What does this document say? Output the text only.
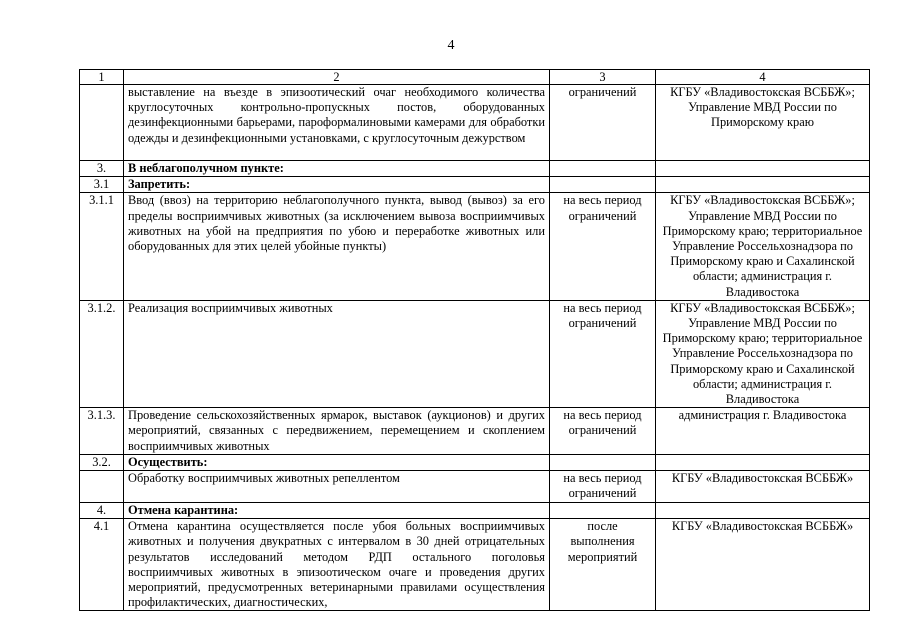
4
1	2	3	4
	выставление на въезде в эпизоотический очаг необходимого количества круглосуточных контрольно-пропускных постов, оборудованных дезинфекционными барьерами, пароформалиновыми камерами для обработки одежды и дезинфекционными установками, с круглосуточным дежурством	ограничений	КГБУ «Владивостокская ВСББЖ»; Управление МВД России по Приморскому краю
3.	В неблагополучном пункте:		
3.1	Запретить:		
3.1.1	Ввод (ввоз) на территорию неблагополучного пункта, вывод (вывоз) за его пределы восприимчивых животных (за исключением вывоза восприимчивых животных на убой на предприятия по убою и переработке животных или оборудованных для этих целей убойные пункты)	на весь период ограничений	КГБУ «Владивостокская ВСББЖ»; Управление МВД России по Приморскому краю; территориальное Управление Россельхознадзора по Приморскому краю и Сахалинской области; администрация г. Владивостока
3.1.2.	Реализация восприимчивых животных	на весь период ограничений	КГБУ «Владивостокская ВСББЖ»; Управление МВД России по Приморскому краю; территориальное Управление Россельхознадзора по Приморскому краю и Сахалинской области; администрация г. Владивостока
3.1.3.	Проведение сельскохозяйственных ярмарок, выставок (аукционов) и других мероприятий, связанных с передвижением, перемещением и скоплением восприимчивых животных	на весь период ограничений	администрация г. Владивостока
3.2.	Осуществить:		
	Обработку восприимчивых животных репеллентом	на весь период ограничений	КГБУ «Владивостокская ВСББЖ»
4.	Отмена карантина:		
4.1	Отмена карантина осуществляется после убоя больных восприимчивых животных и получения двукратных с интервалом в 30 дней отрицательных результатов исследований методом РДП остального поголовья восприимчивых животных в эпизоотическом очаге и проведения других мероприятий, предусмотренных ветеринарными правилами осуществления профилактических, диагностических,	после выполнения мероприятий	КГБУ «Владивостокская ВСББЖ»
